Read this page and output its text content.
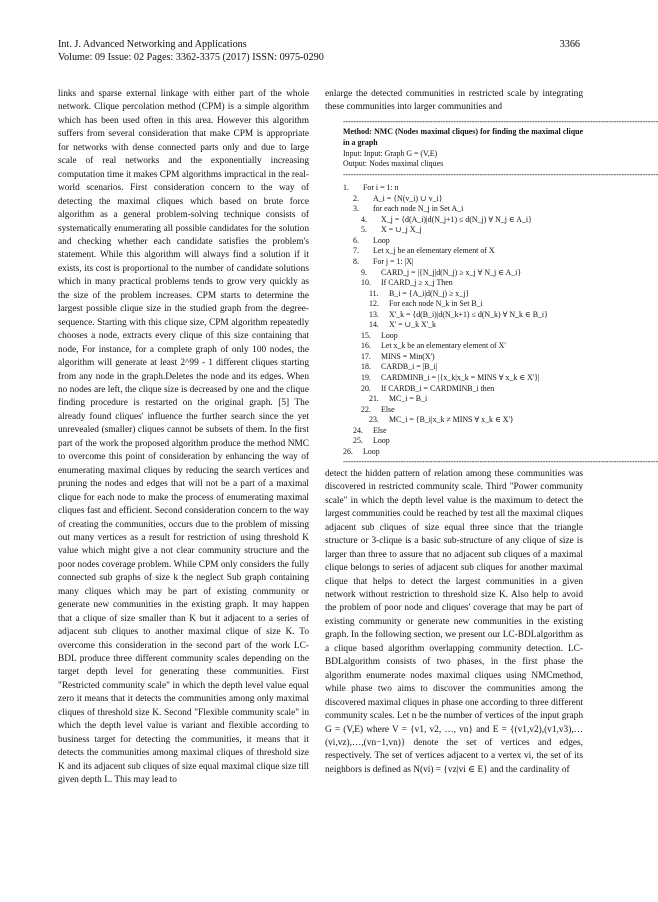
Int. J. Advanced Networking and Applications
Volume: 09 Issue: 02 Pages: 3362-3375 (2017) ISSN: 0975-0290
3366

links and sparse external linkage with either part of the whole network. Clique percolation method (CPM) is a simple algorithm which has been used often in this area. However this algorithm suffers from several consideration that make CPM is appropriate for networks with dense connected parts only and due to large scale of real networks and the exponentially increasing computation time it makes CPM algorithms impractical in the real-world scenarios. First consideration concern to the way of detecting the maximal cliques which based on brute force algorithm as a general problem-solving technique consists of systematically enumerating all possible candidates for the solution and checking whether each candidate satisfies the problem's statement. While this algorithm will always find a solution if it exists, its cost is proportional to the number of candidate solutions which in many practical problems tends to grow very quickly as the size of the problem increases. CPM starts to determine the largest possible clique size in the studied graph from the degree-sequence. Starting with this clique size, CPM algorithm repeatedly chooses a node, extracts every clique of this size containing that node, For instance, for a complete graph of only 100 nodes, the algorithm will generate at least 2^99 - 1 different cliques starting from any node in the graph.Deletes the node and its edges. When no nodes are left, the clique size is decreased by one and the clique finding procedure is restarted on the original graph. [5] The already found cliques' influence the further search since the yet unrevealed (smaller) cliques cannot be subsets of them. In the first part of the work the proposed algorithm produce the method NMC to overcome this point of consideration by enhancing the way of enumerating maximal cliques by reducing the search vertices and pruning the nodes and edges that will not be a part of a maximal clique for each node to make the process of enumerating maximal cliques fast and efficient. Second consideration concern to the way of creating the communities, occurs due to the problem of missing out many vertices as a result for restriction of using threshold K value which might give a not clear community structure and the poor nodes coverage problem. While CPM only considers the fully connected sub graphs of size k the neglect Sub graph containing many cliques which may be part of existing community or generate new communities in the existing graph. It may happen that a clique of size smaller than K but it adjacent to a series of adjacent sub cliques to another maximal clique of size K. To overcome this consideration in the second part of the work LC-BDL produce three different community scales depending on the target depth level for generating these communities. First "Restricted community scale" in which the depth level value equal zero it means that it detects the communities among only maximal cliques of threshold size K. Second "Flexible community scale" in which the depth level value is variant and flexible according to business target for detecting the communities, it means that it detects the communities among maximal cliques of threshold size K and its adjacent sub cliques of size equal maximal clique size till given depth L. This may lead to

enlarge the detected communities in restricted scale by integrating these communities into larger communities and

------------------------------------------------------------------------------------------------------------------------
Method: NMC (Nodes maximal cliques) for finding the maximal clique in a graph
Input: Input: Graph G = (V,E)
Output: Nodes maximal cliques
------------------------------------------------------------------------------------------------------------------------
1. For i = 1: n
2. A_i = {N(v_i) ∪ v_i}
3. for each node N_j in Set A_i
4. X_j = {d(A_i)|d(N_j+1) ≤ d(N_j) ∀ N_j ∈ A_i}
5. X = ∪_j X_j
6. Loop
7. Let x_j be an elementary element of X
8. For j = 1: |X|
9. CARD_j = |{N_j|d(N_j) ≥ x_j ∀ N_j ∈ A_i}
10. If CARD_j ≥ x_j Then
11. B_i = {A_i|d(N_j) ≥ x_j}
12. For each node N_k in Set B_i
13. X'_k = {d(B_i)|d(N_k+1) ≤ d(N_k) ∀ N_k ∈ B_i}
14. X' = ∪_k X'_k
15. Loop
16. Let x_k be an elementary element of X'
17. MINS = Min(X')
18. CARDB_i = |B_i|
19. CARDMINB_i = |{x_k|x_k = MINS ∀ x_k ∈ X'}|
20. If CARDB_i = CARDMINB_i then
21. MC_i = B_i
22. Else
23. MC_i = {B_i|x_k ≠ MINS ∀ x_k ∈ X'}
24. Else
25. Loop
26. Loop
------------------------------------------------------------------------------------------------------------------------

detect the hidden pattern of relation among these communities was discovered in restricted community scale. Third "Power community scale" in which the depth level value is the maximum to detect the largest communities could be reached by test all the maximal cliques adjacent sub cliques of size equal three since that the triangle structure or 3-clique is a basic sub-structure of any clique of size is larger than three to assure that no adjacent sub cliques of a maximal clique belongs to series of adjacent sub cliques for another maximal clique that helps to detect the largest communities in a given network without restriction to threshold size K. Also help to avoid the problem of poor node and cliques' coverage that may be part of existing community or generate new communities in the existing graph. In the following section, we present our LC-BDLalgorithm as a clique based algorithm overlapping community detection. LC-BDLalgorithm consists of two phases, in the first phase the algorithm enumerate nodes maximal cliques using NMCmethod, while phase two aims to discover the communities among the discovered maximal cliques in phase one according to three different community scales. Let n be the number of vertices of the input graph G = (V,E) where V = {v1, v2, …, vn} and E = {(v1,v2),(v1,v3),…(vi,vz),…,(vn−1,vn)} denote the set of vertices and edges, respectively. The set of vertices adjacent to a vertex vi, the set of its neighbors is defined as N(vi) = {vz|vi ∈ E} and the cardinality of
